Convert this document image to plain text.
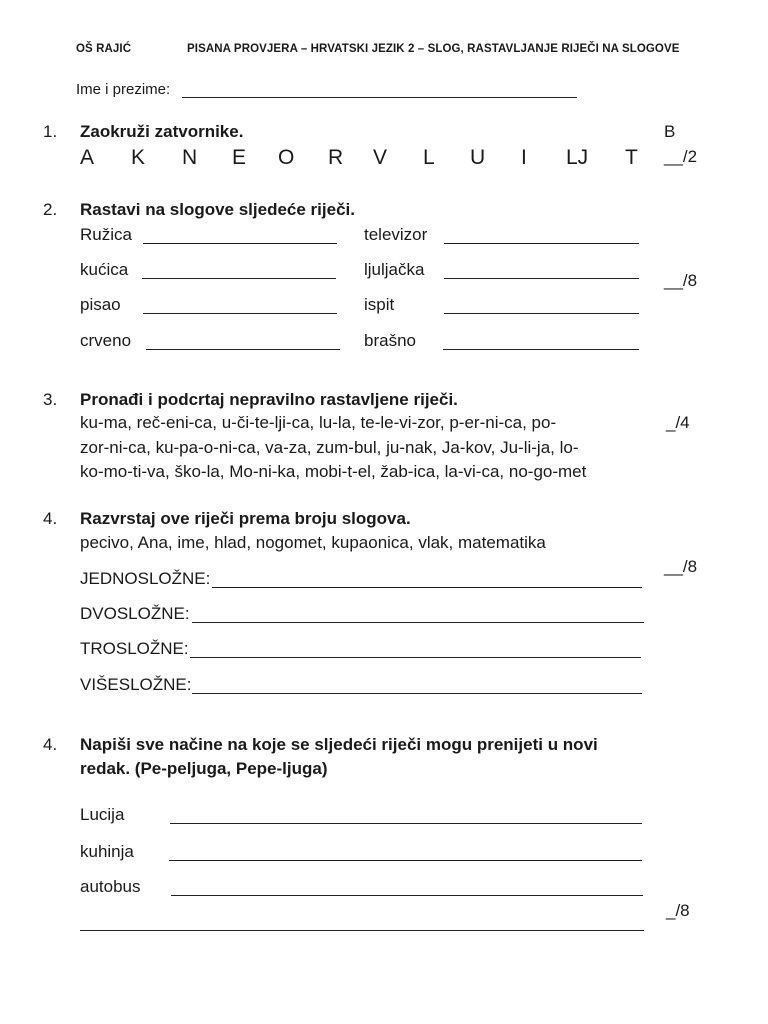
OŠ RAJIĆ	PISANA PROVJERA – HRVATSKI JEZIK 2 – SLOG, RASTAVLJANJE RIJEČI NA SLOGOVE
Ime i prezime:
1. Zaokruži zatvornike.	B
__/2
A K N E O R V L U I LJ T
2. Rastavi na slogove sljedeće riječi.
__/8
Ružica	televizor
kućica	ljuljačka
pisao	ispit
crveno	brašno
3. Pronađi i podcrtaj nepravilno rastavljene riječi.
_/4
ku-ma, reč-eni-ca, u-či-te-lji-ca, lu-la, te-le-vi-zor, p-er-ni-ca, po-
zor-ni-ca, ku-pa-o-ni-ca, va-za, zum-bul, ju-nak, Ja-kov, Ju-li-ja, lo-
ko-mo-ti-va, ško-la, Mo-ni-ka, mobi-t-el, žab-ica, la-vi-ca, no-go-met
4. Razvrstaj ove riječi prema broju slogova.
pecivo, Ana, ime, hlad, nogomet, kupaonica, vlak, matematika
__/8
JEDNOSLOŽNE:
DVOSLOŽNE:
TROSLOŽNE:
VIŠESLOŽNE:
4. Napiši sve načine na koje se sljedeći riječi mogu prenijeti u novi
redak. (Pe-peljuga, Pepe-ljuga)
Lucija
kuhinja
autobus
_/8
